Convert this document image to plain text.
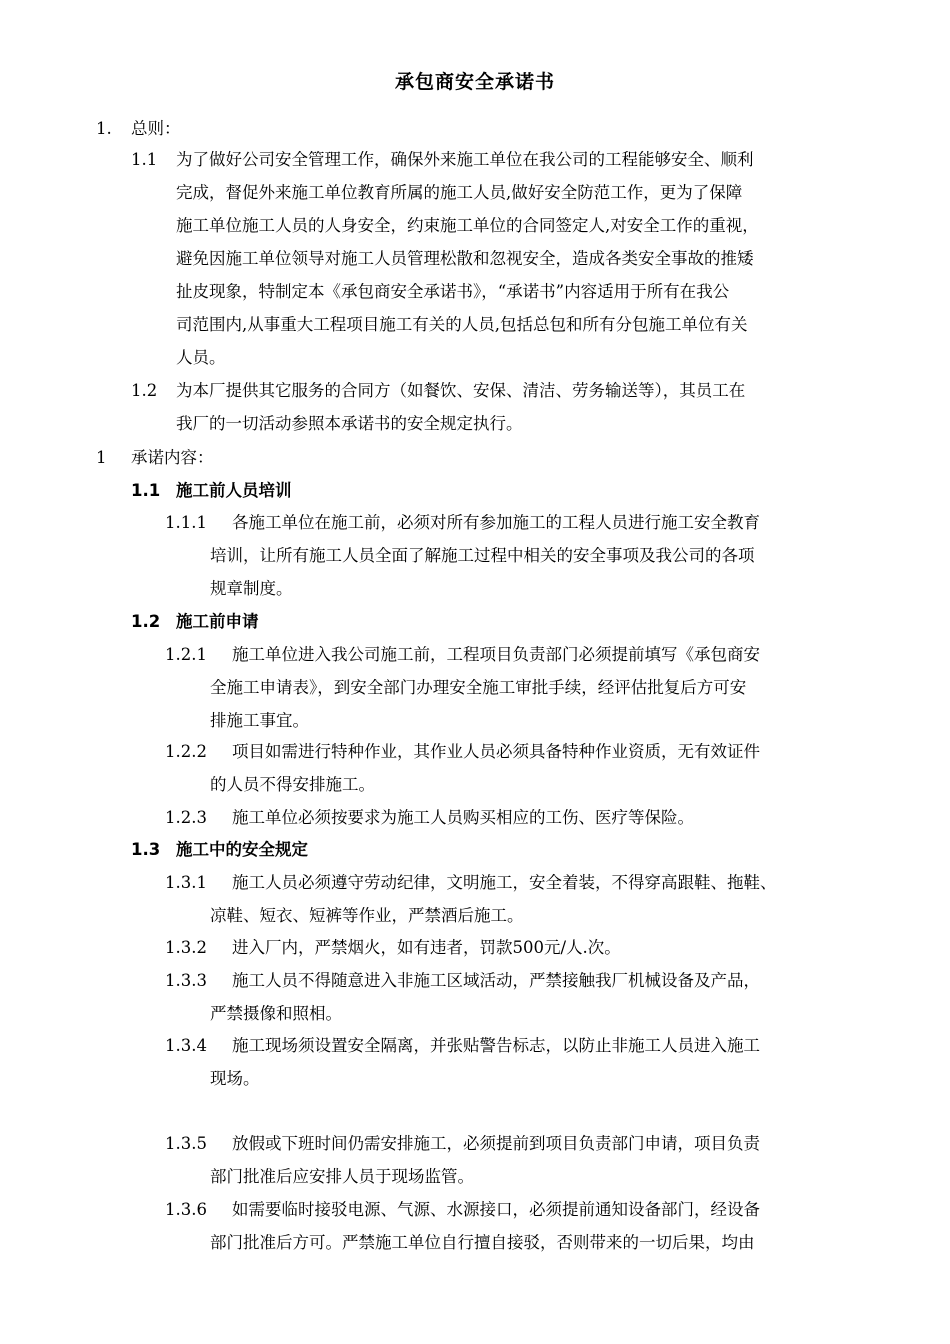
承包商安全承诺书
1. 总则：
1.1 为了做好公司安全管理工作，确保外来施工单位在我公司的工程能够安全、顺利
完成，督促外来施工单位教育所属的施工人员,做好安全防范工作，更为了保障
施工单位施工人员的人身安全，约束施工单位的合同签定人,对安全工作的重视，
避免因施工单位领导对施工人员管理松散和忽视安全，造成各类安全事故的推矮
扯皮现象，特制定本《承包商安全承诺书》，“承诺书”内容适用于所有在我公
司范围内,从事重大工程项目施工有关的人员,包括总包和所有分包施工单位有关
人员。
1.2 为本厂提供其它服务的合同方（如餐饮、安保、清洁、劳务输送等），其员工在
我厂的一切活动参照本承诺书的安全规定执行。
1 承诺内容：
1.1 施工前人员培训
1.1.1 各施工单位在施工前，必须对所有参加施工的工程人员进行施工安全教育
培训，让所有施工人员全面了解施工过程中相关的安全事项及我公司的各项
规章制度。
1.2 施工前申请
1.2.1 施工单位进入我公司施工前，工程项目负责部门必须提前填写《承包商安
全施工申请表》，到安全部门办理安全施工审批手续，经评估批复后方可安
排施工事宜。
1.2.2 项目如需进行特种作业，其作业人员必须具备特种作业资质，无有效证件
的人员不得安排施工。
1.2.3 施工单位必须按要求为施工人员购买相应的工伤、医疗等保险。
1.3 施工中的安全规定
1.3.1 施工人员必须遵守劳动纪律，文明施工，安全着装，不得穿高跟鞋、拖鞋、
凉鞋、短衣、短裤等作业，严禁酒后施工。
1.3.2 进入厂内，严禁烟火，如有违者，罚款500元/人.次。
1.3.3 施工人员不得随意进入非施工区域活动，严禁接触我厂机械设备及产品，
严禁摄像和照相。
1.3.4 施工现场须设置安全隔离，并张贴警告标志，以防止非施工人员进入施工
现场。
1.3.5 放假或下班时间仍需安排施工，必须提前到项目负责部门申请，项目负责
部门批准后应安排人员于现场监管。
1.3.6 如需要临时接驳电源、气源、水源接口，必须提前通知设备部门，经设备
部门批准后方可。严禁施工单位自行擅自接驳，否则带来的一切后果，均由
